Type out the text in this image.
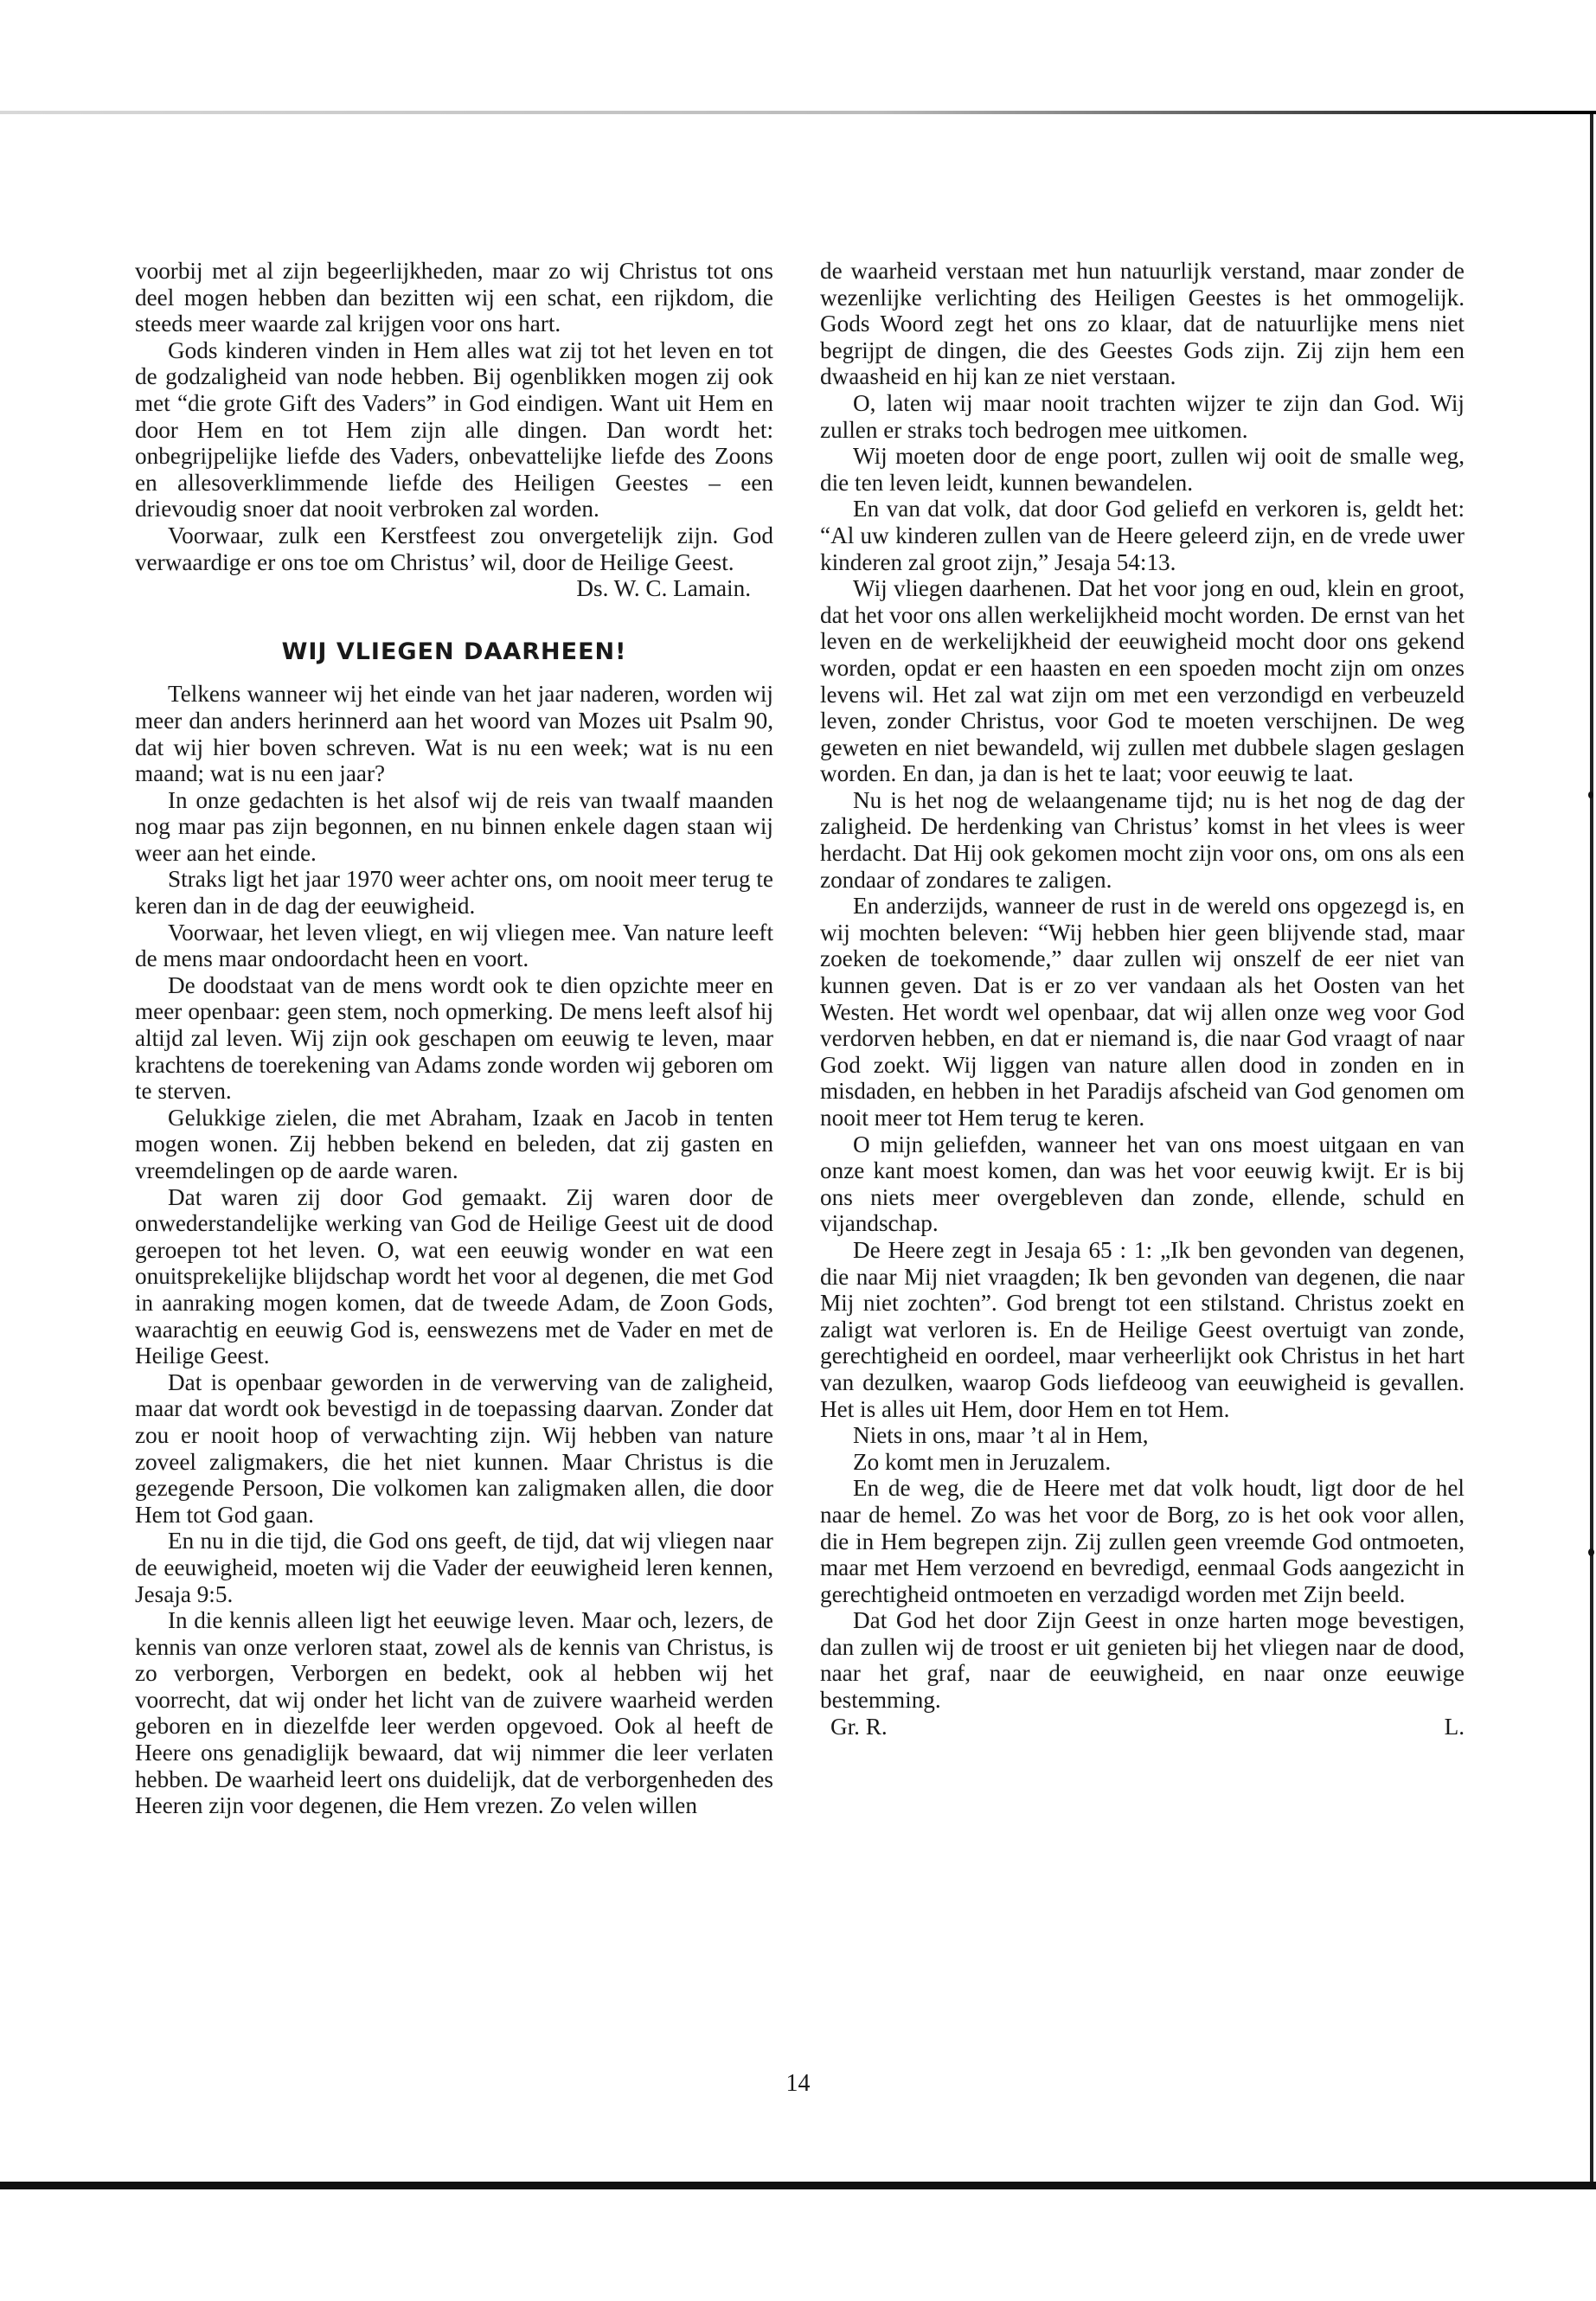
voorbij met al zijn begeerlijkheden, maar zo wij Christus tot ons deel mogen hebben dan bezitten wij een schat, een rijkdom, die steeds meer waarde zal krijgen voor ons hart.

Gods kinderen vinden in Hem alles wat zij tot het leven en tot de godzaligheid van node hebben. Bij ogenblikken mogen zij ook met “die grote Gift des Vaders” in God eindigen. Want uit Hem en door Hem en tot Hem zijn alle dingen. Dan wordt het: onbegrijpelijke liefde des Vaders, onbevattelijke liefde des Zoons en allesoverklimmende liefde des Heiligen Geestes – een drievoudig snoer dat nooit verbroken zal worden.

Voorwaar, zulk een Kerstfeest zou onvergetelijk zijn. God verwaardige er ons toe om Christus’ wil, door de Heilige Geest.

Ds. W. C. Lamain.
WIJ VLIEGEN DAARHEEN!

Telkens wanneer wij het einde van het jaar naderen, worden wij meer dan anders herinnerd aan het woord van Mozes uit Psalm 90, dat wij hier boven schreven. Wat is nu een week; wat is nu een maand; wat is nu een jaar?

In onze gedachten is het alsof wij de reis van twaalf maanden nog maar pas zijn begonnen, en nu binnen enkele dagen staan wij weer aan het einde.

Straks ligt het jaar 1970 weer achter ons, om nooit meer terug te keren dan in de dag der eeuwigheid.

Voorwaar, het leven vliegt, en wij vliegen mee. Van nature leeft de mens maar ondoordacht heen en voort.

De doodstaat van de mens wordt ook te dien opzichte meer en meer openbaar: geen stem, noch opmerking. De mens leeft alsof hij altijd zal leven. Wij zijn ook geschapen om eeuwig te leven, maar krachtens de toerekening van Adams zonde worden wij geboren om te sterven.

Gelukkige zielen, die met Abraham, Izaak en Jacob in tenten mogen wonen. Zij hebben bekend en beleden, dat zij gasten en vreemdelingen op de aarde waren.

Dat waren zij door God gemaakt. Zij waren door de onwederstandelijke werking van God de Heilige Geest uit de dood geroepen tot het leven. O, wat een eeuwig wonder en wat een onuitsprekelijke blijdschap wordt het voor al degenen, die met God in aanraking mogen komen, dat de tweede Adam, de Zoon Gods, waarachtig en eeuwig God is, eenswezens met de Vader en met de Heilige Geest.

Dat is openbaar geworden in de verwerving van de zaligheid, maar dat wordt ook bevestigd in de toepassing daarvan. Zonder dat zou er nooit hoop of verwachting zijn. Wij hebben van nature zoveel zaligmakers, die het niet kunnen. Maar Christus is die gezegende Persoon, Die volkomen kan zaligmaken allen, die door Hem tot God gaan.

En nu in die tijd, die God ons geeft, de tijd, dat wij vliegen naar de eeuwigheid, moeten wij die Vader der eeuwigheid leren kennen, Jesaja 9:5.

In die kennis alleen ligt het eeuwige leven. Maar och, lezers, de kennis van onze verloren staat, zowel als de kennis van Christus, is zo verborgen, Verborgen en bedekt, ook al hebben wij het voorrecht, dat wij onder het licht van de zuivere waarheid werden geboren en in diezelfde leer werden opgevoed. Ook al heeft de Heere ons genadiglijk bewaard, dat wij nimmer die leer verlaten hebben. De waarheid leert ons duidelijk, dat de verborgenheden des Heeren zijn voor degenen, die Hem vrezen. Zo velen willen

de waarheid verstaan met hun natuurlijk verstand, maar zonder de wezenlijke verlichting des Heiligen Geestes is het ommogelijk. Gods Woord zegt het ons zo klaar, dat de natuurlijke mens niet begrijpt de dingen, die des Geestes Gods zijn. Zij zijn hem een dwaasheid en hij kan ze niet verstaan.

O, laten wij maar nooit trachten wijzer te zijn dan God. Wij zullen er straks toch bedrogen mee uitkomen.

Wij moeten door de enge poort, zullen wij ooit de smalle weg, die ten leven leidt, kunnen bewandelen.

En van dat volk, dat door God geliefd en verkoren is, geldt het: “Al uw kinderen zullen van de Heere geleerd zijn, en de vrede uwer kinderen zal groot zijn,” Jesaja 54:13.

Wij vliegen daarhenen. Dat het voor jong en oud, klein en groot, dat het voor ons allen werkelijkheid mocht worden. De ernst van het leven en de werkelijkheid der eeuwigheid mocht door ons gekend worden, opdat er een haasten en een spoeden mocht zijn om onzes levens wil. Het zal wat zijn om met een verzondigd en verbeuzeld leven, zonder Christus, voor God te moeten verschijnen. De weg geweten en niet bewandeld, wij zullen met dubbele slagen geslagen worden. En dan, ja dan is het te laat; voor eeuwig te laat.

Nu is het nog de welaangename tijd; nu is het nog de dag der zaligheid. De herdenking van Christus’ komst in het vlees is weer herdacht. Dat Hij ook gekomen mocht zijn voor ons, om ons als een zondaar of zondares te zaligen.

En anderzijds, wanneer de rust in de wereld ons opgezegd is, en wij mochten beleven: “Wij hebben hier geen blijvende stad, maar zoeken de toekomende,” daar zullen wij onszelf de eer niet van kunnen geven. Dat is er zo ver vandaan als het Oosten van het Westen. Het wordt wel openbaar, dat wij allen onze weg voor God verdorven hebben, en dat er niemand is, die naar God vraagt of naar God zoekt. Wij liggen van nature allen dood in zonden en in misdaden, en hebben in het Paradijs afscheid van God genomen om nooit meer tot Hem terug te keren.

O mijn geliefden, wanneer het van ons moest uitgaan en van onze kant moest komen, dan was het voor eeuwig kwijt. Er is bij ons niets meer overgebleven dan zonde, ellende, schuld en vijandschap.

De Heere zegt in Jesaja 65 : 1: „Ik ben gevonden van degenen, die naar Mij niet vraagden; Ik ben gevonden van degenen, die naar Mij niet zochten”. God brengt tot een stilstand. Christus zoekt en zaligt wat verloren is. En de Heilige Geest overtuigt van zonde, gerechtigheid en oordeel, maar verheerlijkt ook Christus in het hart van dezulken, waarop Gods liefdeoog van eeuwigheid is gevallen. Het is alles uit Hem, door Hem en tot Hem.

Niets in ons, maar ’t al in Hem,

Zo komt men in Jeruzalem.

En de weg, die de Heere met dat volk houdt, ligt door de hel naar de hemel. Zo was het voor de Borg, zo is het ook voor allen, die in Hem begrepen zijn. Zij zullen geen vreemde God ontmoeten, maar met Hem verzoend en bevredigd, eenmaal Gods aangezicht in gerechtigheid ontmoeten en verzadigd worden met Zijn beeld.

Dat God het door Zijn Geest in onze harten moge bevestigen, dan zullen wij de troost er uit genieten bij het vliegen naar de dood, naar het graf, naar de eeuwigheid, en naar onze eeuwige bestemming.

Gr. R.	L.
14
